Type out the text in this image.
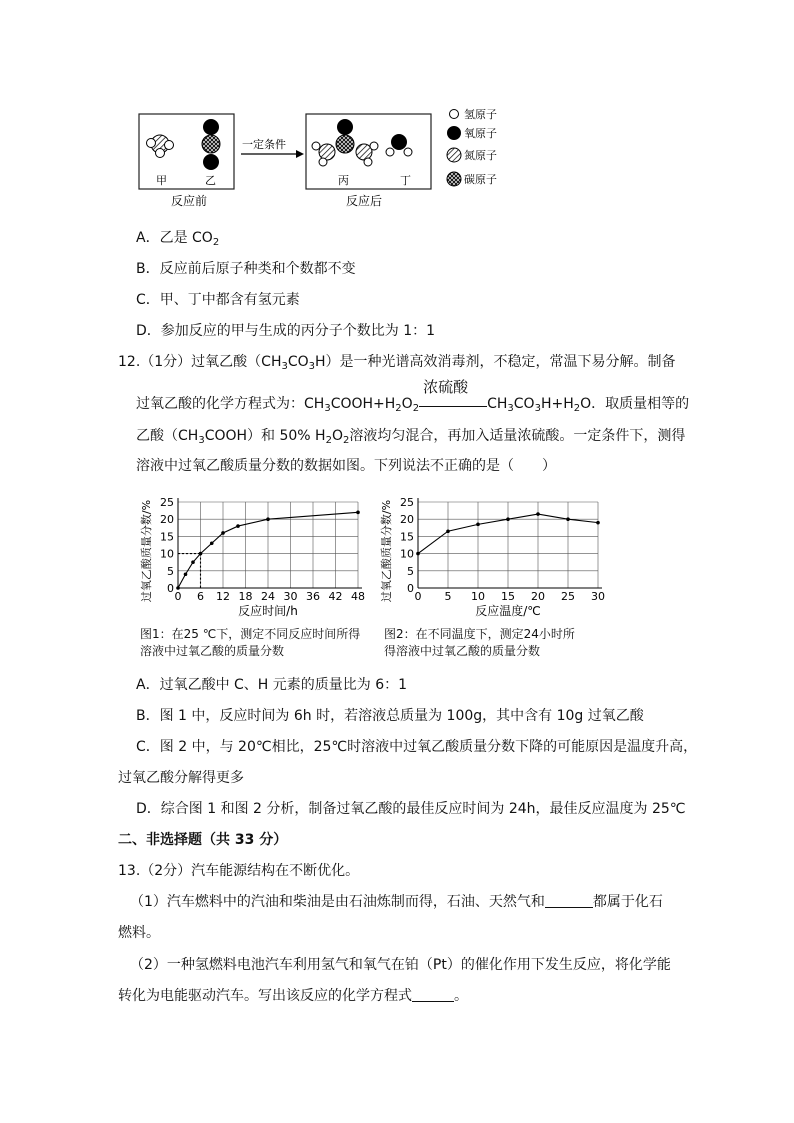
甲	乙
反应前
一定条件
丙	丁
反应后
氢原子
氧原子
氮原子
碳原子
A．乙是 $CO_2$
B．反应前后原子种类和个数都不变
C．甲、丁中都含有氢元素
D．参加反应的甲与生成的丙分子个数比为 1：1
12.（1分）过氧乙酸$(CH_3CO_3H)$是一种光谱高效消毒剂，不稳定，常温下易分解。制备
过氧乙酸的化学方程式为：$CH_3COOH+H_2O_2$
浓硫酸
$CH_3CO_3H+H_2O$．取质量相等的
乙酸$(CH_3COOH)$和 50% $H_2O_2$溶液均匀混合，再加入适量浓硫酸。一定条件下，测得
溶液中过氧乙酸质量分数的数据如图。下列说法不正确的是（　　）
0 6 12 18 24 30 36 42 48
0
5
10
15
20
25
反应时间/h
过氧乙酸质量分数/%	0 5 10 15 20 25 30
0
5
10
15
20
25
反应温度/℃
过氧乙酸质量分数/%
图1：在25 ℃下，测定不同反应时间所得
溶液中过氧乙酸的质量分数
图2：在不同温度下，测定24小时所
得溶液中过氧乙酸的质量分数
A．过氧乙酸中 C、H 元素的质量比为 6：1
B．图 1 中，反应时间为 6h 时，若溶液总质量为 100g，其中含有 10g 过氧乙酸
C．图 2 中，与 20℃相比，25℃时溶液中过氧乙酸质量分数下降的可能原因是温度升高，
过氧乙酸分解得更多
D．综合图 1 和图 2 分析，制备过氧乙酸的最佳反应时间为 24h，最佳反应温度为 25℃
二、非选择题（共 33 分）
13.（2分）汽车能源结构在不断优化。
（1）汽车燃料中的汽油和柴油是由石油炼制而得，石油、天然气和	都属于化石
燃料。
（2）一种氢燃料电池汽车利用氢气和氧气在铂（Pt）的催化作用下发生反应，将化学能
转化为电能驱动汽车。写出该反应的化学方程式	。
